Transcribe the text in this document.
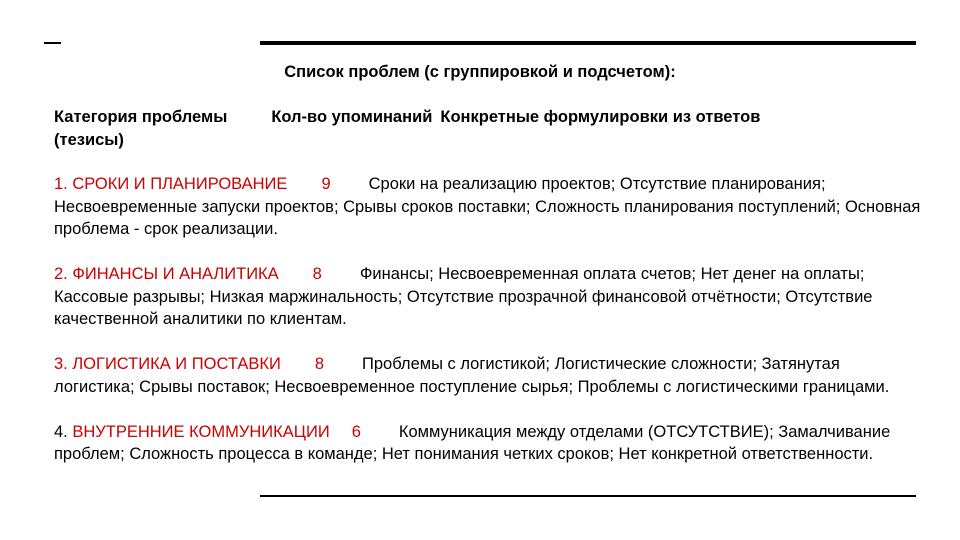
Список проблем (с группировкой и подсчетом):
Категория проблемы	Кол-во упоминаний Конкретные формулировки из ответов
(тезисы)
1. СРОКИ И ПЛАНИРОВАНИЕ 9 Сроки на реализацию проектов; Отсутствие планирования; Несвоевременные запуски проектов; Срывы сроков поставки; Сложность планирования поступлений; Основная проблема - срок реализации.
2. ФИНАНСЫ И АНАЛИТИКА 8 Финансы; Несвоевременная оплата счетов; Нет денег на оплаты; Кассовые разрывы; Низкая маржинальность; Отсутствие прозрачной финансовой отчётности; Отсутствие качественной аналитики по клиентам.
3. ЛОГИСТИКА И ПОСТАВКИ 8 Проблемы с логистикой; Логистические сложности; Затянутая логистика; Срывы поставок; Несвоевременное поступление сырья; Проблемы с логистическими границами.
4. ВНУТРЕННИЕ КОММУНИКАЦИИ 6 Коммуникация между отделами (ОТСУТСТВИЕ); Замалчивание проблем; Сложность процесса в команде; Нет понимания четких сроков; Нет конкретной ответственности.
